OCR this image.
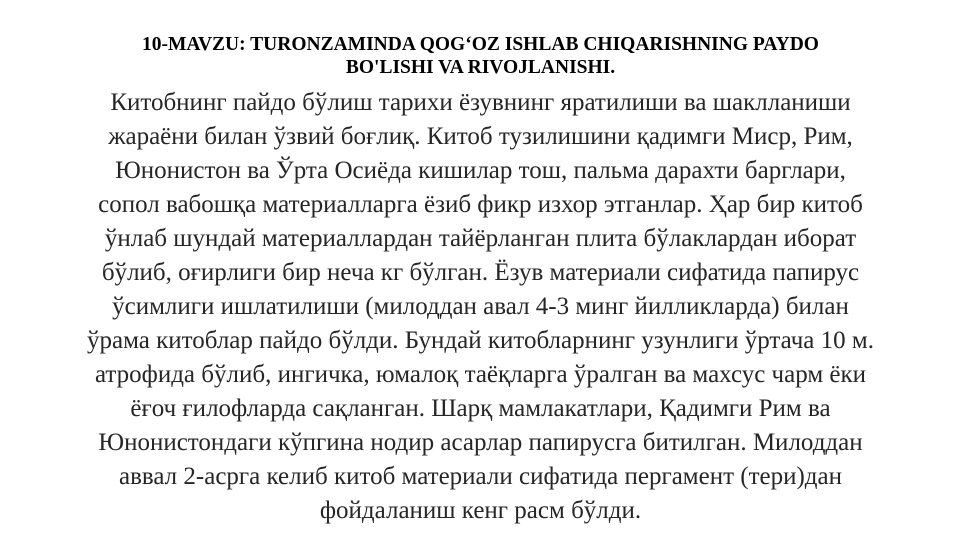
10-MAVZU: TURONZAMINDA QOG‘OZ ISHLAB CHIQARISHNING PAYDO
BO'LISHI VA RIVOJLANISHI.
Китобнинг пайдо бўлиш тарихи ёзувнинг яратилиши ва шаклланиши
жараёни билан ўзвий боғлиқ. Китоб тузилишини қадимги Миср, Рим,
Юнонистон ва Ўрта Осиёда кишилар тош, пальма дарахти барглари,
сопол вабошқа материалларга ёзиб фикр изхор этганлар. Ҳар бир китоб
ўнлаб шундай материаллардан тайёрланган плита бўлаклардан иборат
бўлиб, оғирлиги бир неча кг бўлган. Ёзув материали сифатида папирус
ўсимлиги ишлатилиши (милоддан авал 4-3 минг йилликларда) билан
ўрама китоблар пайдо бўлди. Бундай китобларнинг узунлиги ўртача 10 м.
атрофида бўлиб, ингичка, юмалоқ таёқларга ўралган ва махсус чарм ёки
ёғоч ғилофларда сақланган. Шарқ мамлакатлари, Қадимги Рим ва
Юнонистондаги кўпгина нодир асарлар папирусга битилган. Милоддан
аввал 2-асрга келиб китоб материали сифатида пергамент (тери)дан
фойдаланиш кенг расм бўлди.
